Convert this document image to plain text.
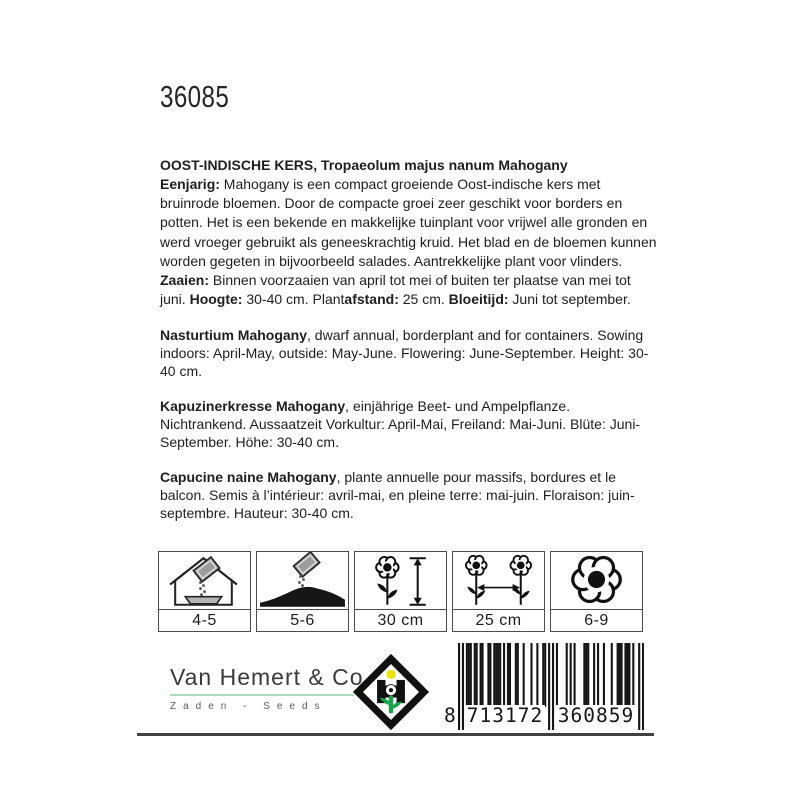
36085

OOST-INDISCHE KERS, Tropaeolum majus nanum Mahogany

Eenjarig: Mahogany is een compact groeiende Oost-indische kers met bruinrode bloemen. Door de compacte groei zeer geschikt voor borders en potten. Het is een bekende en makkelijke tuinplant voor vrijwel alle gronden en werd vroeger gebruikt als geneeskrachtig kruid. Het blad en de bloemen kunnen worden gegeten in bijvoorbeeld salades. Aantrekkelijke plant voor vlinders. Zaaien: Binnen voorzaaien van april tot mei of buiten ter plaatse van mei tot juni. Hoogte: 30-40 cm. Plantafstand: 25 cm. Bloeitijd: Juni tot september.

Nasturtium Mahogany, dwarf annual, borderplant and for containers. Sowing indoors: April-May, outside: May-June. Flowering: June-September. Height: 30-40 cm.

Kapuzinerkresse Mahogany, einjährige Beet- und Ampelpflanze. Nichtrankend. Aussaatzeit Vorkultur: April-Mai, Freiland: Mai-Juni. Blüte: Juni-September. Höhe: 30-40 cm.

Capucine naine Mahogany, plante annuelle pour massifs, bordures et le balcon. Semis à l’intérieur: avril-mai, en pleine terre: mai-juin. Floraison: juin-septembre. Hauteur: 30-40 cm.

4-5	5-6	30 cm	25 cm	6-9
Van Hemert & Co
Zaden - Seeds	8 713172 360859
